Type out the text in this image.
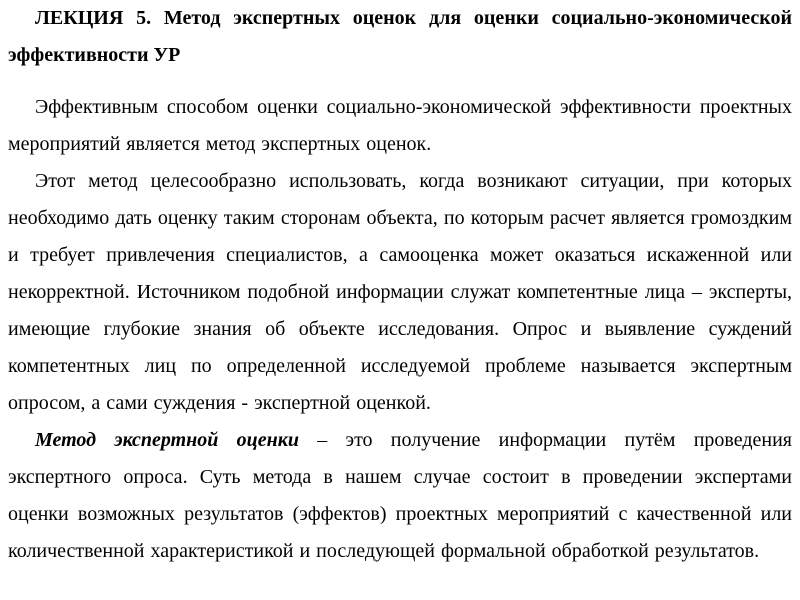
ЛЕКЦИЯ 5. Метод экспертных оценок для оценки социально-экономической эффективности УР

Эффективным способом оценки социально-экономической эффективности проектных мероприятий является метод экспертных оценок.

Этот метод целесообразно использовать, когда возникают ситуации, при которых необходимо дать оценку таким сторонам объекта, по которым расчет является громоздким и требует привлечения специалистов, а самооценка может оказаться искаженной или некорректной. Источником подобной информации служат компетентные лица – эксперты, имеющие глубокие знания об объекте исследования. Опрос и выявление суждений компетентных лиц по определенной исследуемой проблеме называется экспертным опросом, а сами суждения - экспертной оценкой.

Метод экспертной оценки – это получение информации путём проведения экспертного опроса. Суть метода в нашем случае состоит в проведении экспертами оценки возможных результатов (эффектов) проектных мероприятий с качественной или количественной характеристикой и последующей формальной обработкой результатов.
